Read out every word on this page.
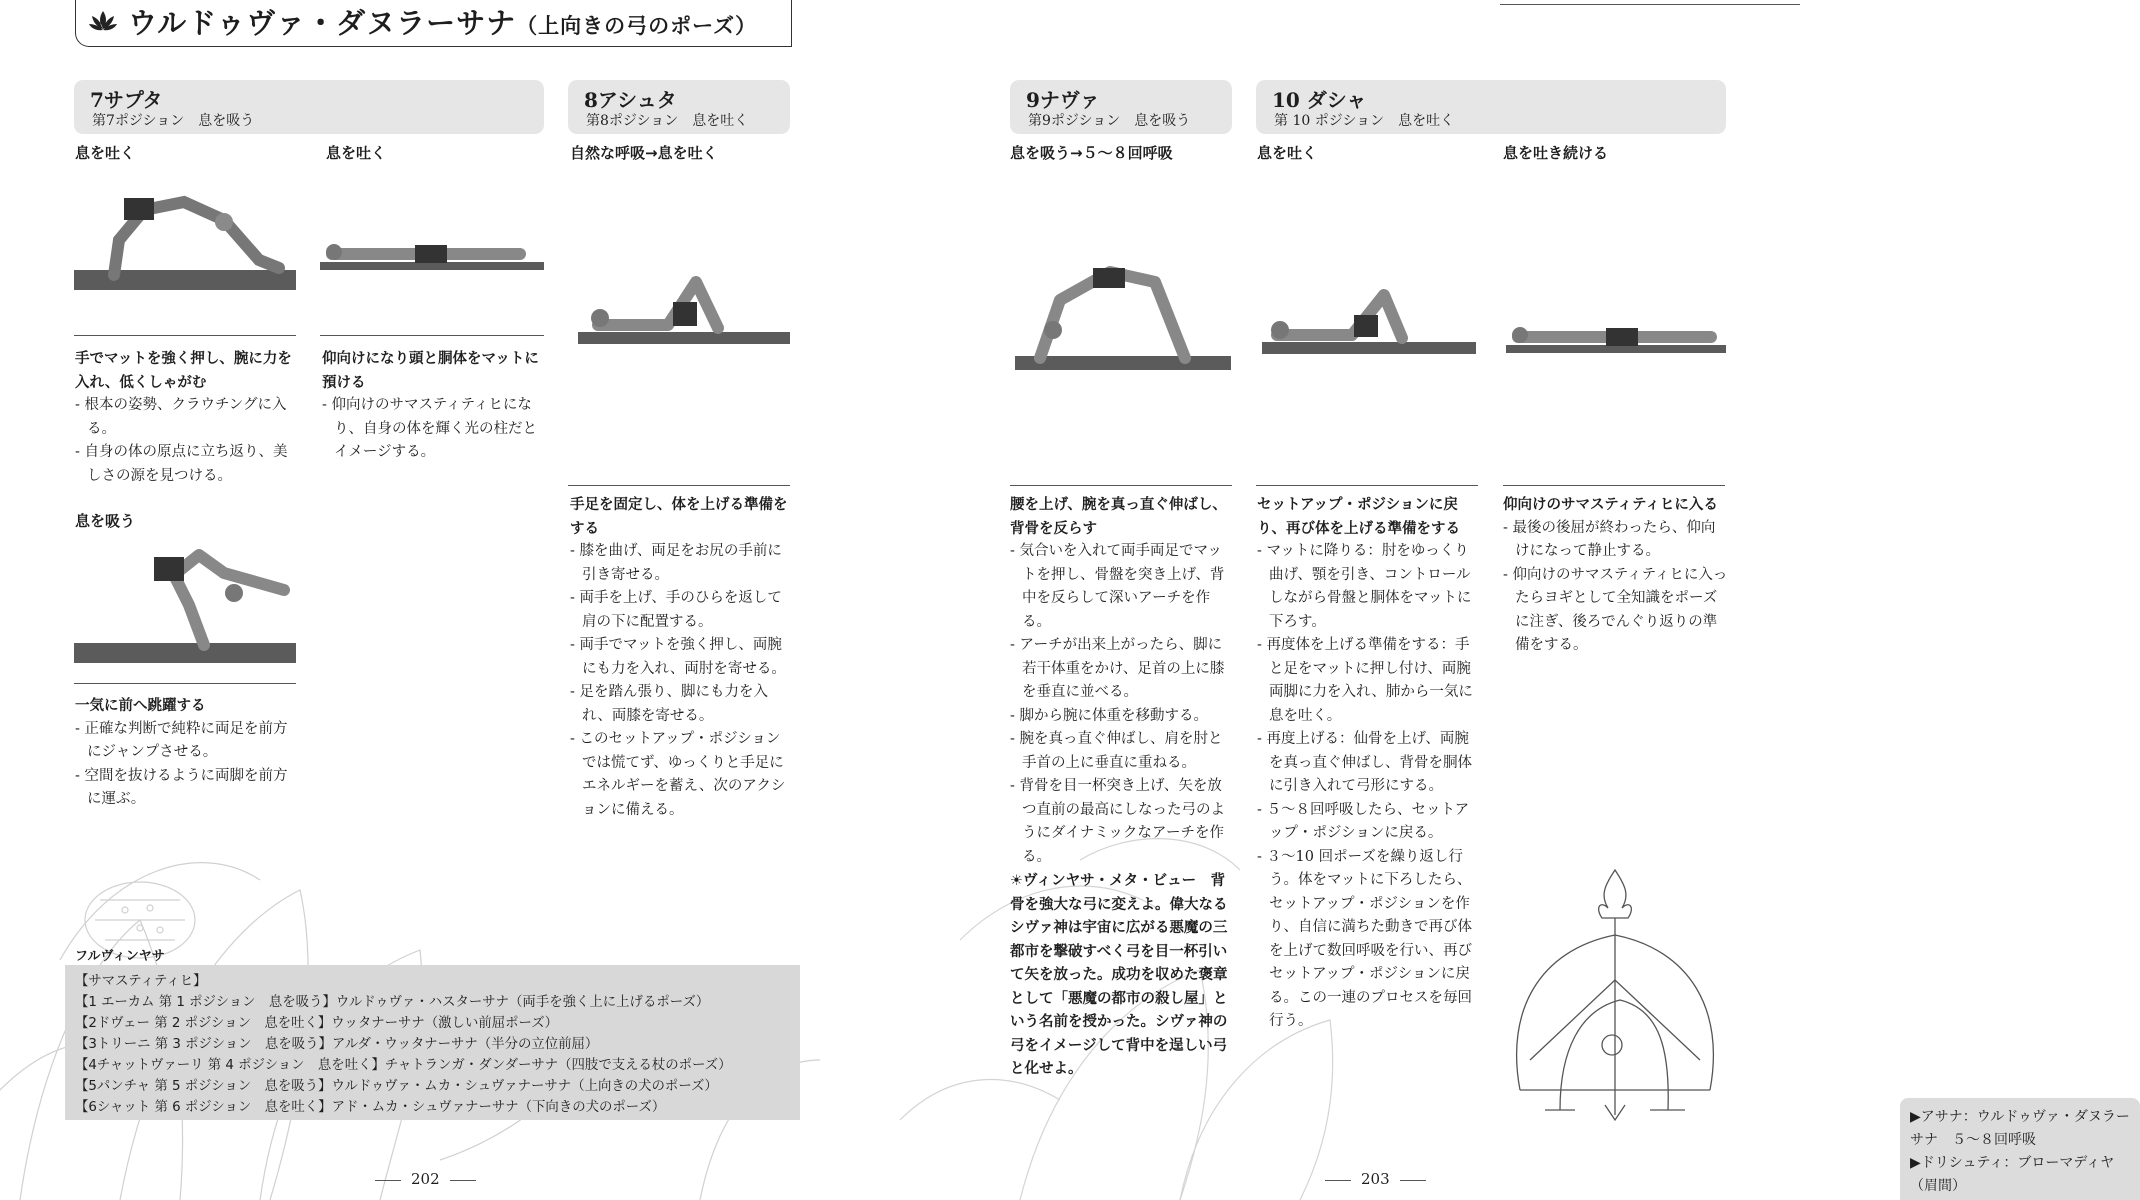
ウルドゥヴァ・ダヌラーサナ（上向きの弓のポーズ）
7サプタ
第7ポジション　息を吸う
8アシュタ
第8ポジション　息を吐く
息を吐く	息を吐く	自然な呼吸→息を吐く
息を吸う
手でマットを強く押し、腕に力を入れ、低くしゃがむ
- 根本の姿勢、クラウチングに入る。
- 自身の体の原点に立ち返り、美しさの源を見つける。
仰向けになり頭と胴体をマットに預ける
- 仰向けのサマスティティヒになり、自身の体を輝く光の柱だとイメージする。
手足を固定し、体を上げる準備をする
- 膝を曲げ、両足をお尻の手前に引き寄せる。
- 両手を上げ、手のひらを返して肩の下に配置する。
- 両手でマットを強く押し、両腕にも力を入れ、両肘を寄せる。
- 足を踏ん張り、脚にも力を入れ、両膝を寄せる。
- このセットアップ・ポジションでは慌てず、ゆっくりと手足にエネルギーを蓄え、次のアクションに備える。
一気に前へ跳躍する
- 正確な判断で純粋に両足を前方にジャンプさせる。
- 空間を抜けるように両脚を前方に運ぶ。
フルヴィンヤサ
【サマスティティヒ】
【1 エーカム 第 1 ポジション　息を吸う】ウルドゥヴァ・ハスターサナ（両手を強く上に上げるポーズ）
【2ドヴェー 第 2 ポジション　息を吐く】ウッタナーサナ（激しい前屈ポーズ）
【3トリーニ 第 3 ポジション　息を吸う】アルダ・ウッタナーサナ（半分の立位前屈）
【4チャットヴァーリ 第 4 ポジション　息を吐く】チャトランガ・ダンダーサナ（四肢で支える杖のポーズ）
【5パンチャ 第 5 ポジション　息を吸う】ウルドゥヴァ・ムカ・シュヴァナーサナ（上向きの犬のポーズ）
【6シャット 第 6 ポジション　息を吐く】アド・ムカ・シュヴァナーサナ（下向きの犬のポーズ）
202
9ナヴァ
第9ポジション　息を吸う
10 ダシャ
第 10 ポジション　息を吐く
息を吸う→５〜８回呼吸	息を吐く	息を吐き続ける
腰を上げ、腕を真っ直ぐ伸ばし、背骨を反らす
- 気合いを入れて両手両足でマットを押し、骨盤を突き上げ、背中を反らして深いアーチを作る。
- アーチが出来上がったら、脚に若干体重をかけ、足首の上に膝を垂直に並べる。
- 脚から腕に体重を移動する。
- 腕を真っ直ぐ伸ばし、肩を肘と手首の上に垂直に重ねる。
- 背骨を目一杯突き上げ、矢を放つ直前の最高にしなった弓のようにダイナミックなアーチを作る。
セットアップ・ポジションに戻り、再び体を上げる準備をする
- マットに降りる：肘をゆっくり曲げ、顎を引き、コントロールしながら骨盤と胴体をマットに下ろす。
- 再度体を上げる準備をする：手と足をマットに押し付け、両腕両脚に力を入れ、肺から一気に息を吐く。
- 再度上げる：仙骨を上げ、両腕を真っ直ぐ伸ばし、背骨を胴体に引き入れて弓形にする。
- ５〜８回呼吸したら、セットアップ・ポジションに戻る。
- ３〜10 回ポーズを繰り返し行う。体をマットに下ろしたら、セットアップ・ポジションを作り、自信に満ちた動きで再び体を上げて数回呼吸を行い、再びセットアップ・ポジションに戻る。この一連のプロセスを毎回行う。
仰向けのサマスティティヒに入る
- 最後の後屈が終わったら、仰向けになって静止する。
- 仰向けのサマスティティヒに入ったらヨギとして全知識をポーズに注ぎ、後ろでんぐり返りの準備をする。
☀ヴィンヤサ・メタ・ビュー　背骨を強大な弓に変えよ。偉大なるシヴァ神は宇宙に広がる悪魔の三都市を撃破すべく弓を目一杯引いて矢を放った。成功を収めた褒章として「悪魔の都市の殺し屋」という名前を授かった。シヴァ神の弓をイメージして背中を逞しい弓と化せよ。
▶アサナ：ウルドゥヴァ・ダヌラーサナ　５〜８回呼吸
▶ドリシュティ：ブローマディヤ（眉間）
203
